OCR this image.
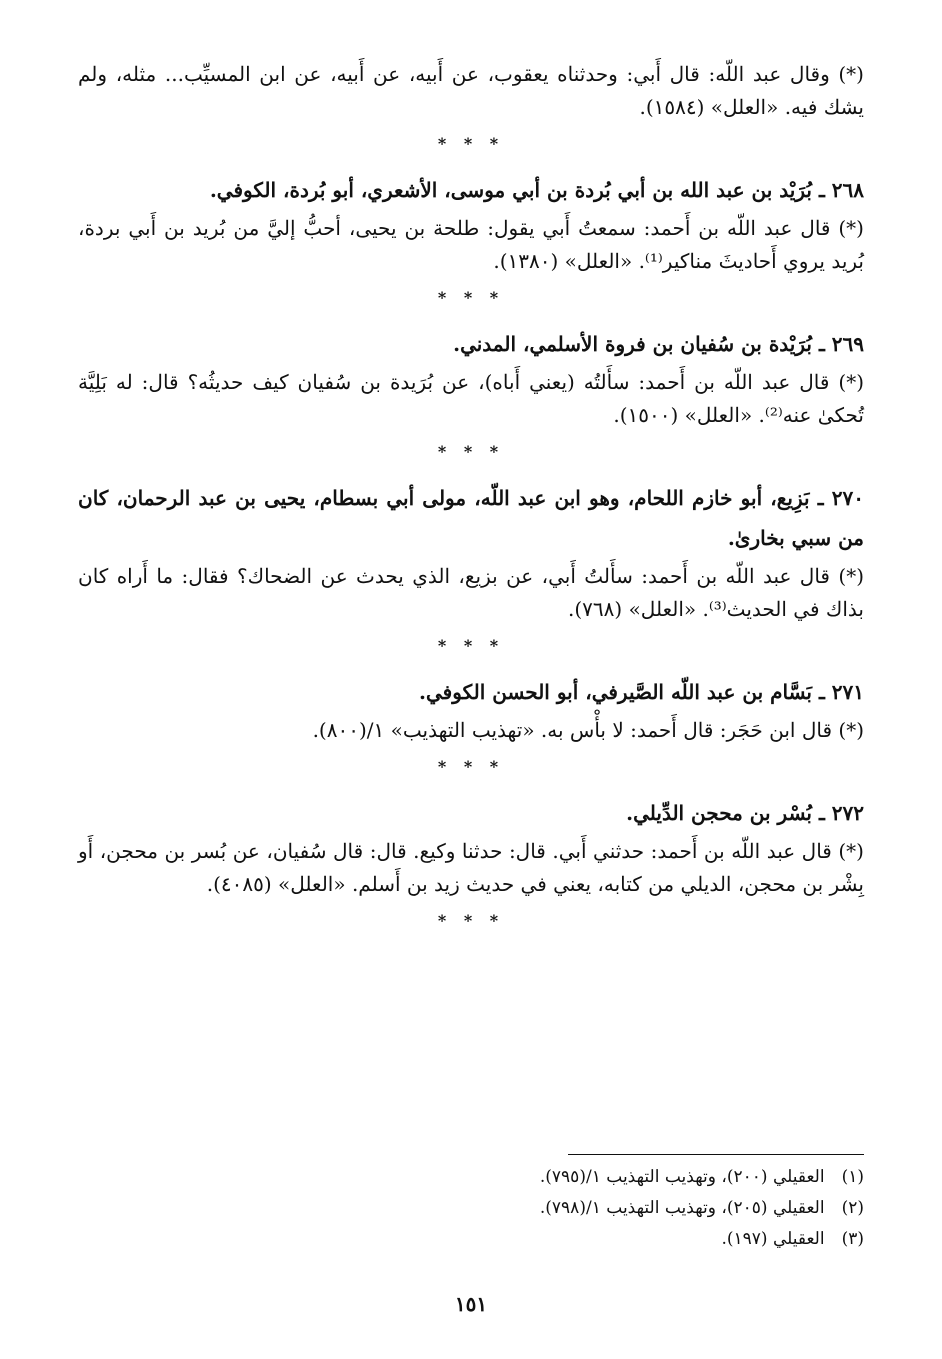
(*) وقال عبد اللّه: قال أَبي: وحدثناه يعقوب، عن أَبيه، عن أَبيه، عن ابن المسيِّب... مثله، ولم يشك فيه. «العلل» (١٥٨٤).

* * *

٢٦٨ ـ بُرَيْد بن عبد الله بن أبي بُردة بن أبي موسى، الأشعري، أبو بُردة، الكوفي.

(*) قال عبد اللّه بن أَحمد: سمعتُ أَبي يقول: طلحة بن يحيى، أحبُّ إليَّ من بُريد بن أَبي بردة، بُريد يروي أَحاديثَ مناكير⁽¹⁾. «العلل» (١٣٨٠).

* * *

٢٦٩ ـ بُرَيْدة بن سُفيان بن فروة الأسلمي، المدني.

(*) قال عبد اللّه بن أَحمد: سأَلتُه (يعني أَباه)، عن بُرَيدة بن سُفيان كيف حديثُه؟ قال: له بَلِيَّة تُحكىٰ عنه⁽²⁾. «العلل» (١٥٠٠).

* * *

٢٧٠ ـ بَزِيع، أبو خازم اللحام، وهو ابن عبد اللّه، مولى أبي بسطام، يحيى بن عبد الرحمان، كان من سبي بخارىٰ.

(*) قال عبد اللّه بن أَحمد: سأَلتُ أَبي، عن بزيع، الذي يحدث عن الضحاك؟ فقال: ما أَراه كان بذاك في الحديث⁽³⁾. «العلل» (٧٦٨).

* * *

٢٧١ ـ بَسَّام بن عبد اللّه الصَّيرفي، أبو الحسن الكوفي.

(*) قال ابن حَجَر: قال أَحمد: لا بأْس به. «تهذيب التهذيب» ١/(٨٠٠).

* * *

٢٧٢ ـ بُسْر بن محجن الدِّيلي.

(*) قال عبد اللّه بن أَحمد: حدثني أَبي. قال: حدثنا وكيع. قال: قال سُفيان، عن بُسر بن محجن، أَو بِشْر بن محجن، الديلي من كتابه، يعني في حديث زيد بن أَسلم. «العلل» (٤٠٨٥).

* * *

(١) العقيلي (٢٠٠)، وتهذيب التهذيب ١/(٧٩٥).

(٢) العقيلي (٢٠٥)، وتهذيب التهذيب ١/(٧٩٨).

(٣) العقيلي (١٩٧).

١٥١
